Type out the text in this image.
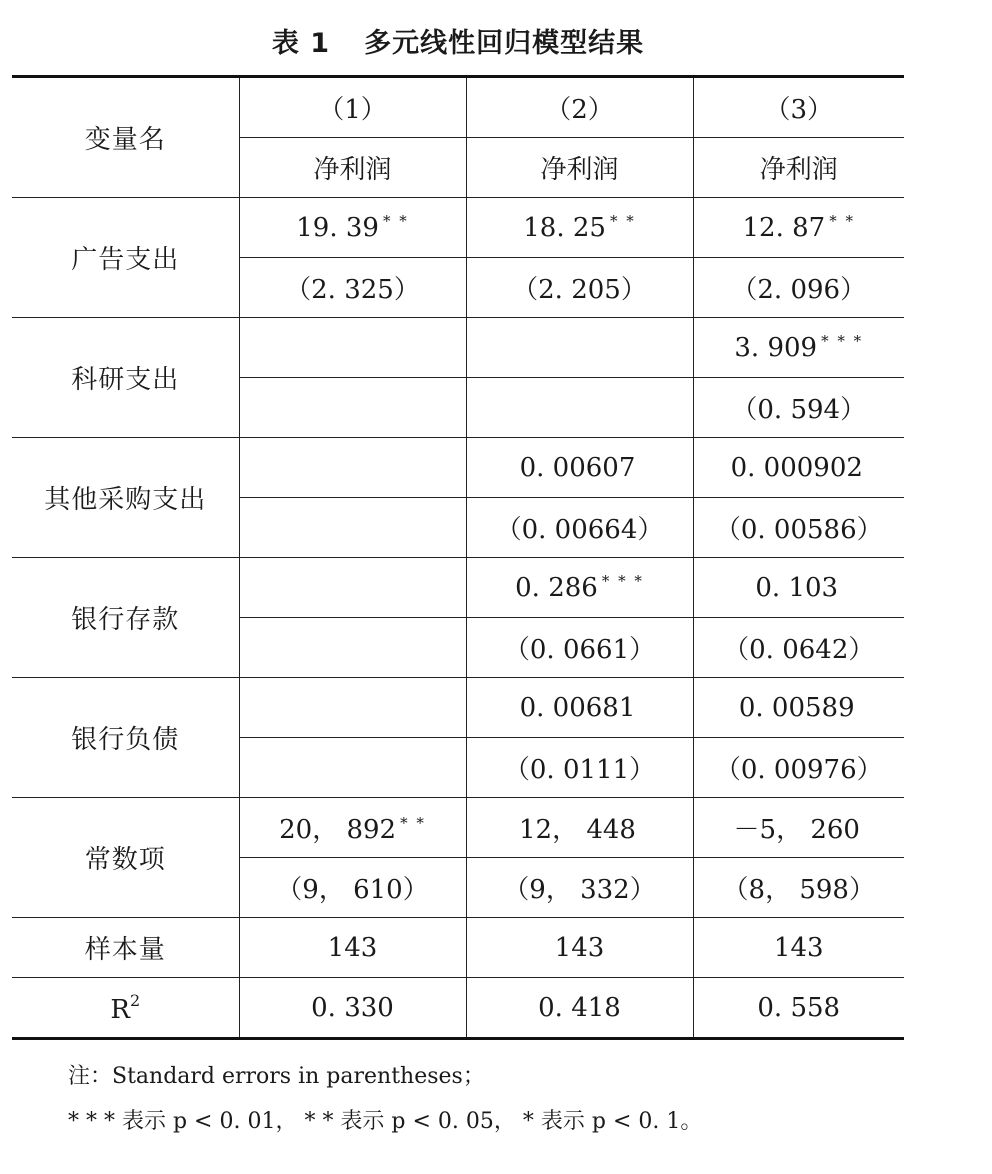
表 1 多元线性回归模型结果
变量名	（1）	（2）	（3）
	净利润	净利润	净利润
广告支出	19. 39 * *	18. 25 * *	12. 87 * *
	（2. 325）	（2. 205）	（2. 096）
科研支出			3. 909 * * *
			（0. 594）
其他采购支出		0. 00607	0. 000902
		（0. 00664）	（0. 00586）
银行存款		0. 286 * * *	0. 103
		（0. 0661）	（0. 0642）
银行负债		0. 00681	0. 00589
		（0. 0111）	（0. 00976）
常数项	20， 892 * *	12， 448	－5， 260
	（9， 610）	（9， 332）	（8， 598）
样本量	143	143	143
$R^2$	0. 330	0. 418	0. 558
注：Standard errors in parentheses；
* * * 表示 p < 0. 01， * * 表示 p < 0. 05， * 表示 p < 0. 1。
